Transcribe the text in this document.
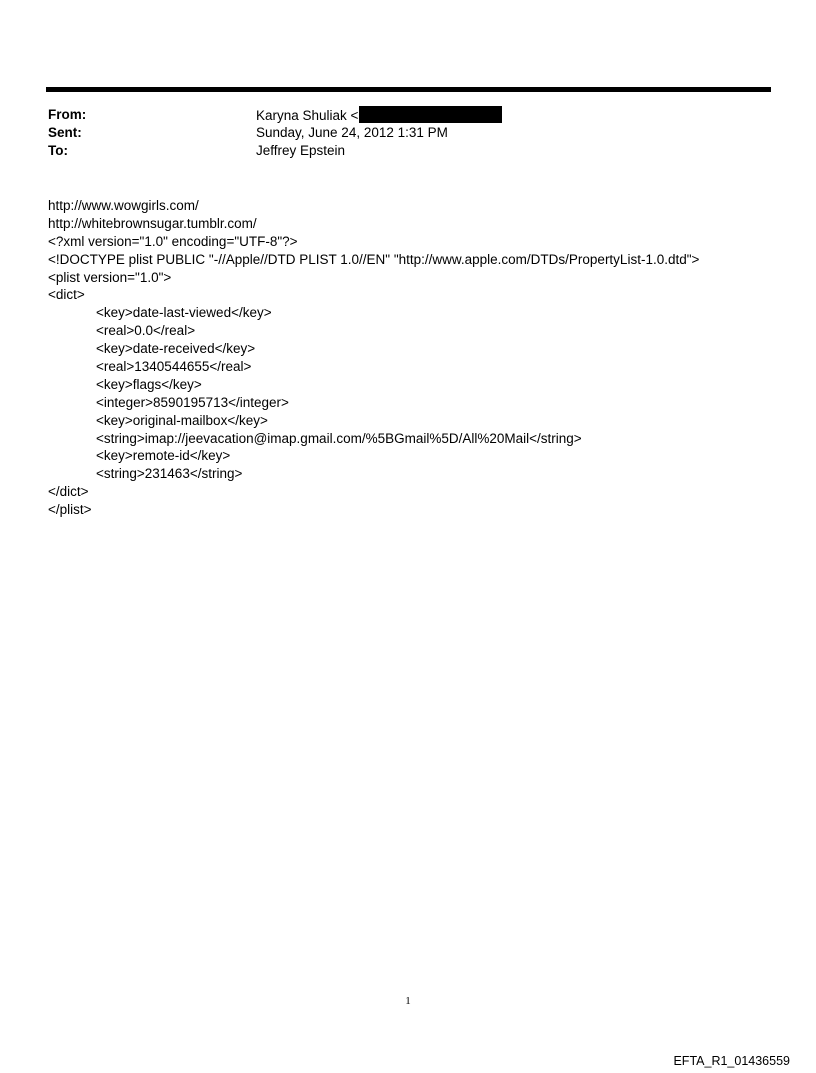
From:	Karyna Shuliak <
Sent:	Sunday, June 24, 2012 1:31 PM
To:	Jeffrey Epstein
http://www.wowgirls.com/
http://whitebrownsugar.tumblr.com/
<?xml version="1.0" encoding="UTF-8"?>
<!DOCTYPE plist PUBLIC "-//Apple//DTD PLIST 1.0//EN" "http://www.apple.com/DTDs/PropertyList-1.0.dtd">
<plist version="1.0">
<dict>
<key>date-last-viewed</key>
<real>0.0</real>
<key>date-received</key>
<real>1340544655</real>
<key>flags</key>
<integer>8590195713</integer>
<key>original-mailbox</key>
<string>imap://jeevacation@imap.gmail.com/%5BGmail%5D/All%20Mail</string>
<key>remote-id</key>
<string>231463</string>
</dict>
</plist>
1
EFTA_R1_01436559
